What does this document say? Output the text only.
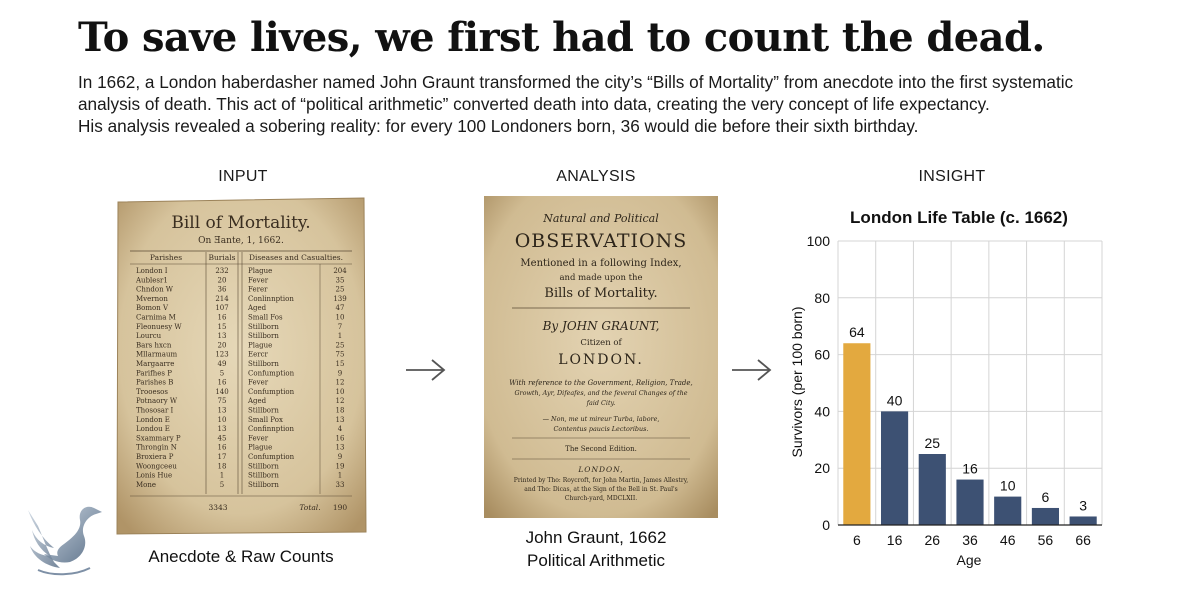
To save lives, we first had to count the dead.

In 1662, a London haberdasher named John Graunt transformed the city’s “Bills of Mortality” from anecdote into the first systematic

analysis of death. This act of “political arithmetic” converted death into data, creating the very concept of life expectancy.

His analysis revealed a sobering reality: for every 100 Londoners born, 36 would die before their sixth birthday.

INPUT	ANALYSIS	INSIGHT
Bill of Mortality.
On Ǝante, 1, 1662.
Parishes	Burials Diseases and Casualties.
London I	232	Plague	204
Aublesr1	20	Fever	35
Chndon W	36	Ferer	25
Mvernon	214	Conlinnption	139
Bomon V	107	Aged	47
Carnima M	16	Small Fos	10
Fleonuesy W	15	Stillborn	7
Lourcu	13	Stillborn	1
Bars hxcn	20	Plague	25
Mllarmaum	123	Eercr	75
Margaarre	49	Stillborn	15
Parifhes P	5	Confumption	9
Parishes B	16	Fever	12
Trooesos	140	Confumption	10
Potnaory W	75	Aged	12
Thososar I	13	Stillborn	18
London E	10	Small Pox	13
Londou E	13	Confinnption	4
Sxammary P	45	Fever	16
Throngin N	16	Plague	13
Broxiera P	17	Confumption	9
Woongceeu	18	Stillborn	19
Lonis Hue	1	Stillborn	1
Mone	5	Stillborn	33
3343	Total. 190
Natural and Political
OBSERVATIONS
Mentioned in a following Index,
and made upon the
Bills of Mortality.
By JOHN GRAUNT,
Citizen of
LONDON.
With reference to the Government, Religion, Trade,
Growth, Ayr, Difeafes, and the feveral Changes of the
faid City.
— Non, me ut mireur Turba, labore,
Contentus paucis Lectoribus.
The Second Edition.
LONDON,
Printed by Tho: Roycroft, for John Martin, James Allestry,
and Tho: Dicas, at the Sign of the Bell in St. Paul's
Church-yard, MDCLXII.
Anecdote & Raw Counts
John Graunt, 1662
Political Arithmetic
London Life Table (c. 1662)
Survivors (per 100 born)
Age
0
20
40
60
80
100
64
6
40
16
25
26
16
36
10
46
6
56
3
66
